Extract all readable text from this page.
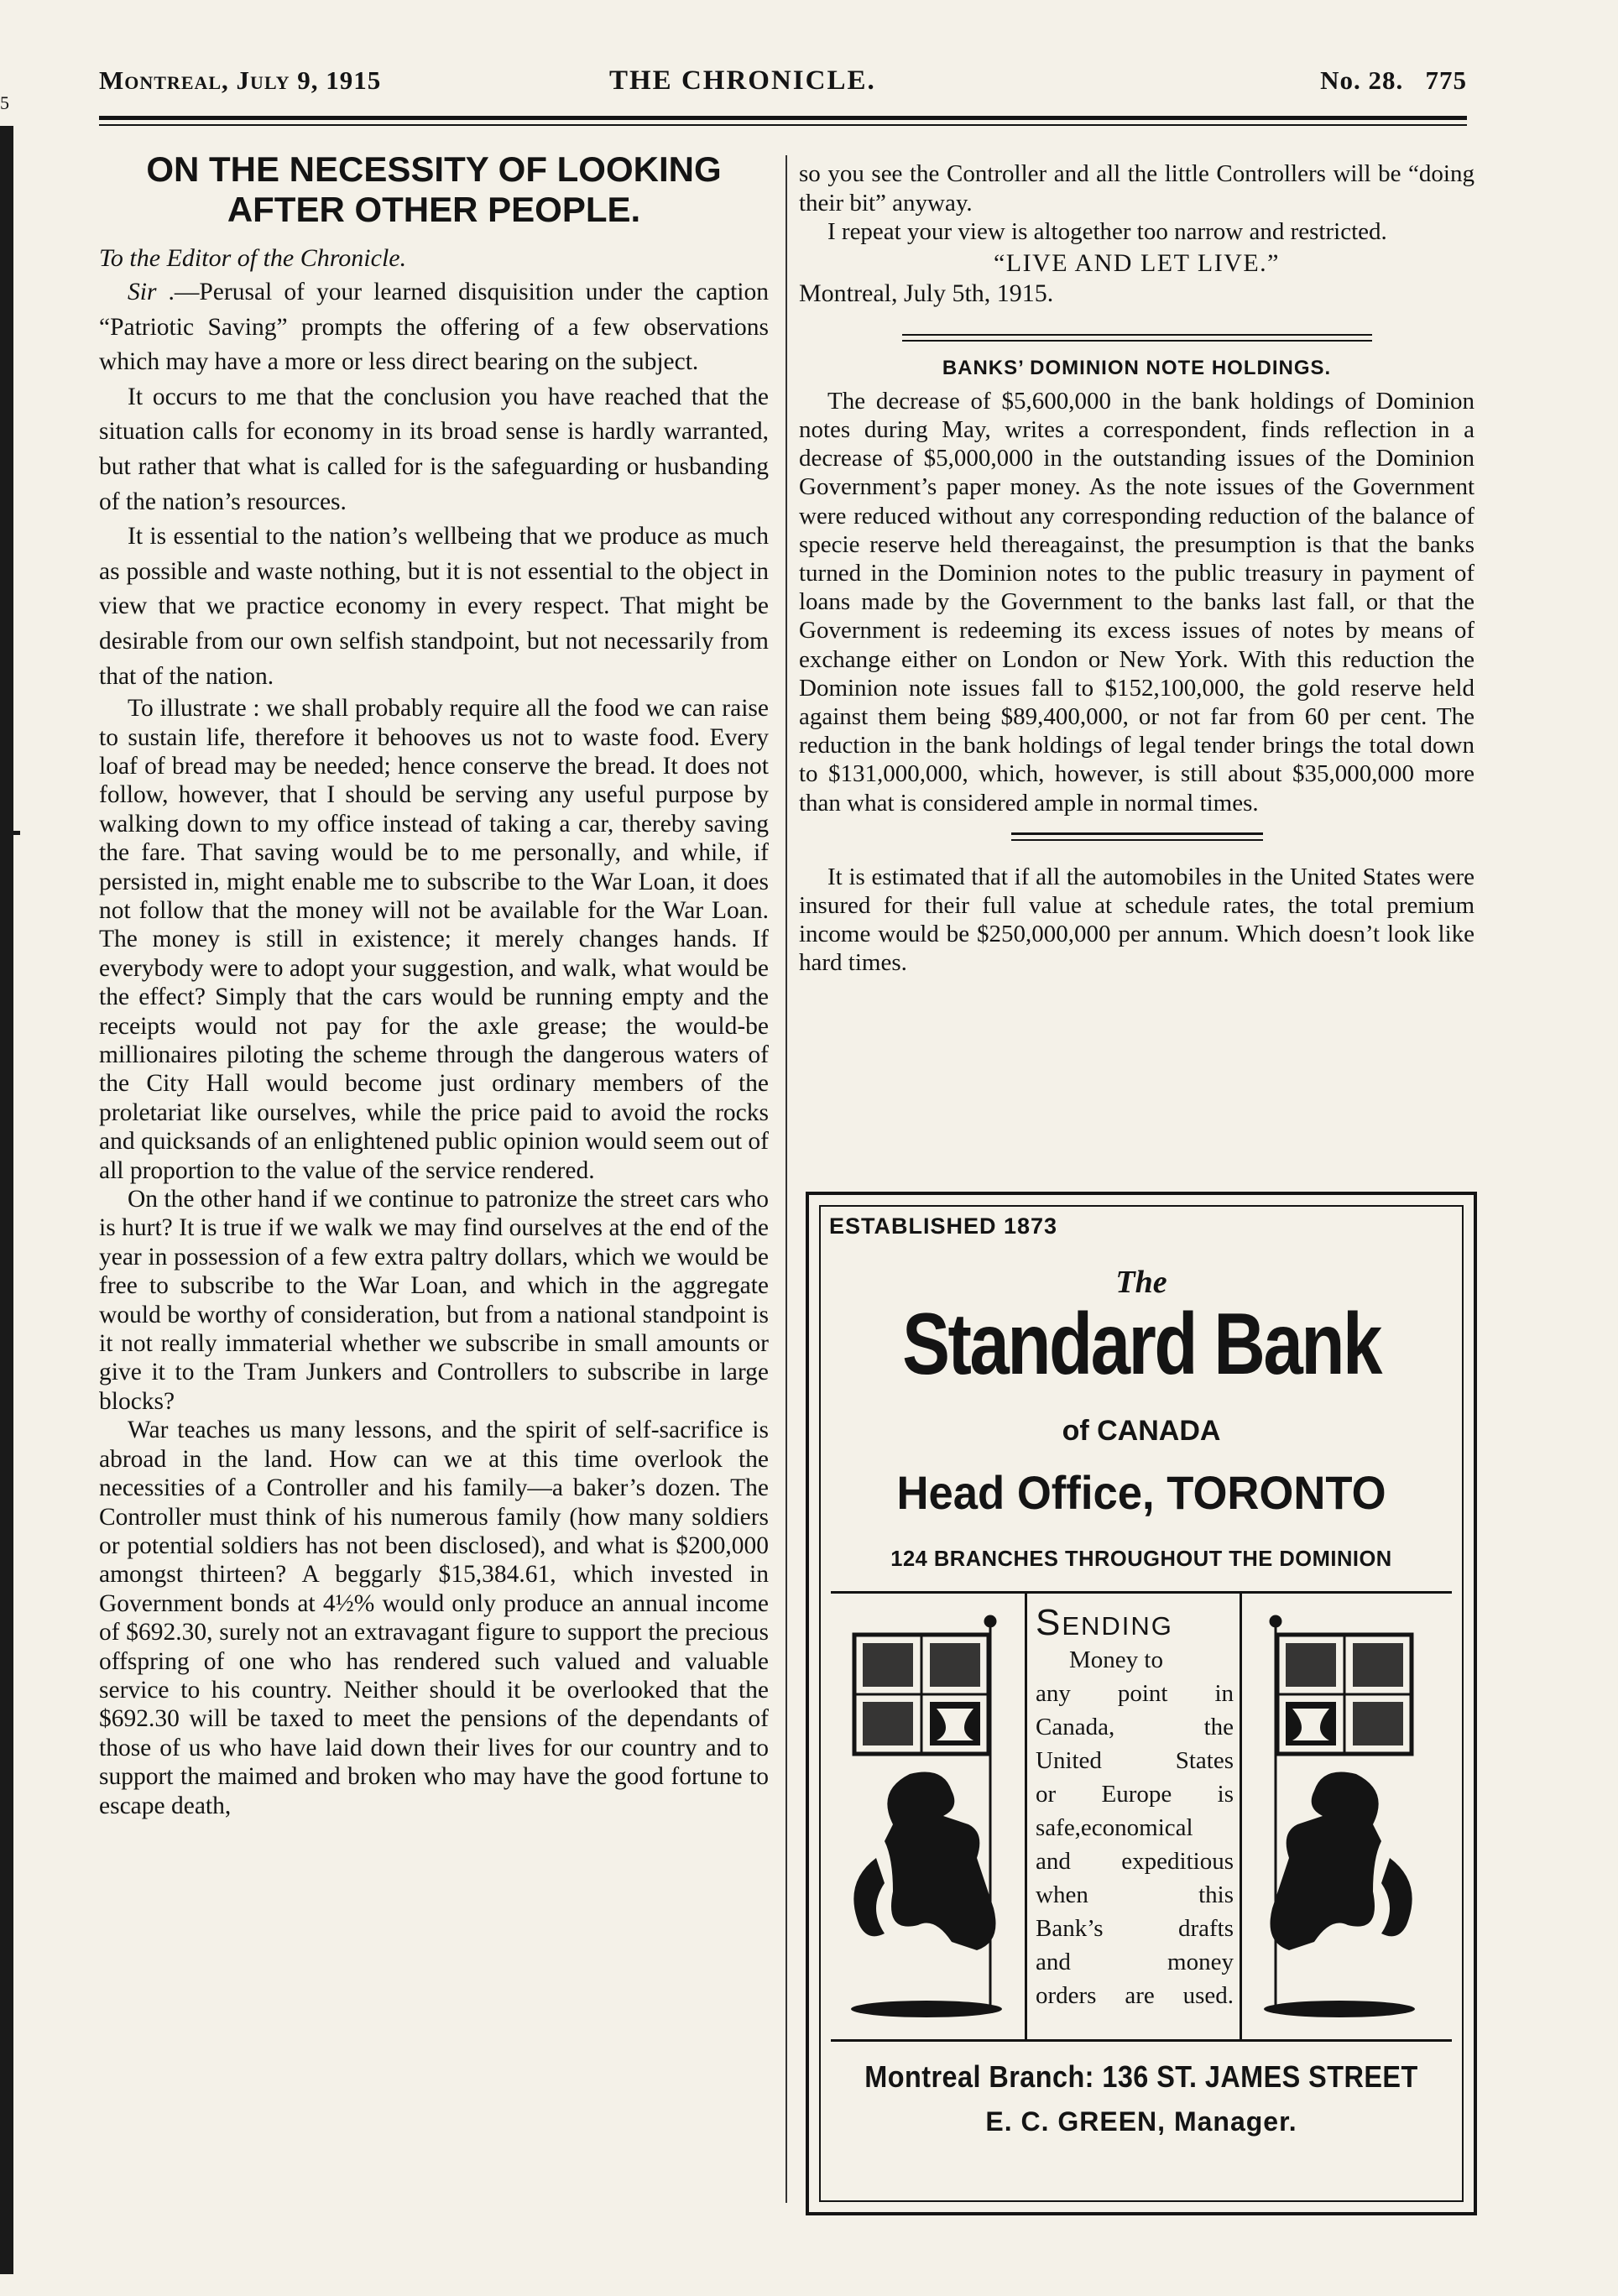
5
Montreal, July 9, 1915	THE CHRONICLE.	No. 28. 775
ON THE NECESSITY OF LOOKING AFTER OTHER PEOPLE.

To the Editor of the Chronicle.

Sir .—Perusal of your learned disquisition under the caption “Patriotic Saving” prompts the offering of a few observations which may have a more or less direct bearing on the subject.

It occurs to me that the conclusion you have reached that the situation calls for economy in its broad sense is hardly warranted, but rather that what is called for is the safeguarding or husbanding of the nation’s resources.

It is essential to the nation’s wellbeing that we produce as much as possible and waste nothing, but it is not essential to the object in view that we practice economy in every respect. That might be desirable from our own selfish standpoint, but not necessarily from that of the nation.

To illustrate : we shall probably require all the food we can raise to sustain life, therefore it behooves us not to waste food. Every loaf of bread may be needed; hence conserve the bread. It does not follow, however, that I should be serving any useful purpose by walking down to my office instead of taking a car, thereby saving the fare. That saving would be to me personally, and while, if persisted in, might enable me to subscribe to the War Loan, it does not follow that the money will not be available for the War Loan. The money is still in existence; it merely changes hands. If everybody were to adopt your suggestion, and walk, what would be the effect? Simply that the cars would be running empty and the receipts would not pay for the axle grease; the would-be millionaires piloting the scheme through the dangerous waters of the City Hall would become just ordinary members of the proletariat like ourselves, while the price paid to avoid the rocks and quicksands of an enlightened public opinion would seem out of all proportion to the value of the service rendered.

On the other hand if we continue to patronize the street cars who is hurt? It is true if we walk we may find ourselves at the end of the year in possession of a few extra paltry dollars, which we would be free to subscribe to the War Loan, and which in the aggregate would be worthy of consideration, but from a national standpoint is it not really immaterial whether we subscribe in small amounts or give it to the Tram Junkers and Controllers to subscribe in large blocks?

War teaches us many lessons, and the spirit of self-sacrifice is abroad in the land. How can we at this time overlook the necessities of a Controller and his family—a baker’s dozen. The Controller must think of his numerous family (how many soldiers or potential soldiers has not been disclosed), and what is $200,000 amongst thirteen? A beggarly $15,384.61, which invested in Government bonds at 4½% would only produce an annual income of $692.30, surely not an extravagant figure to support the precious offspring of one who has rendered such valued and valuable service to his country. Neither should it be overlooked that the $692.30 will be taxed to meet the pensions of the dependants of those of us who have laid down their lives for our country and to support the maimed and broken who may have the good fortune to escape death,

so you see the Controller and all the little Controllers will be “doing their bit” anyway.

I repeat your view is altogether too narrow and restricted.

“LIVE AND LET LIVE.”

Montreal, July 5th, 1915.

BANKS’ DOMINION NOTE HOLDINGS.

The decrease of $5,600,000 in the bank holdings of Dominion notes during May, writes a correspondent, finds reflection in a decrease of $5,000,000 in the outstanding issues of the Dominion Government’s paper money. As the note issues of the Government were reduced without any corresponding reduction of the balance of specie reserve held thereagainst, the presumption is that the banks turned in the Dominion notes to the public treasury in payment of loans made by the Government to the banks last fall, or that the Government is redeeming its excess issues of notes by means of exchange either on London or New York. With this reduction the Dominion note issues fall to $152,100,000, the gold reserve held against them being $89,400,000, or not far from 60 per cent. The reduction in the bank holdings of legal tender brings the total down to $131,000,000, which, however, is still about $35,000,000 more than what is considered ample in normal times.

It is estimated that if all the automobiles in the United States were insured for their full value at schedule rates, the total premium income would be $250,000,000 per annum. Which doesn’t look like hard times.

ESTABLISHED 1873
The
Standard Bank
of CANADA
Head Office, TORONTO
124 BRANCHES THROUGHOUT THE DOMINION
SENDING
Money to
any point in
Canada, the
United States
or Europe is
safe,economical
and expeditious
when this
Bank’s drafts
and money
orders are used.
Montreal Branch: 136 ST. JAMES STREET
E. C. GREEN, Manager.
